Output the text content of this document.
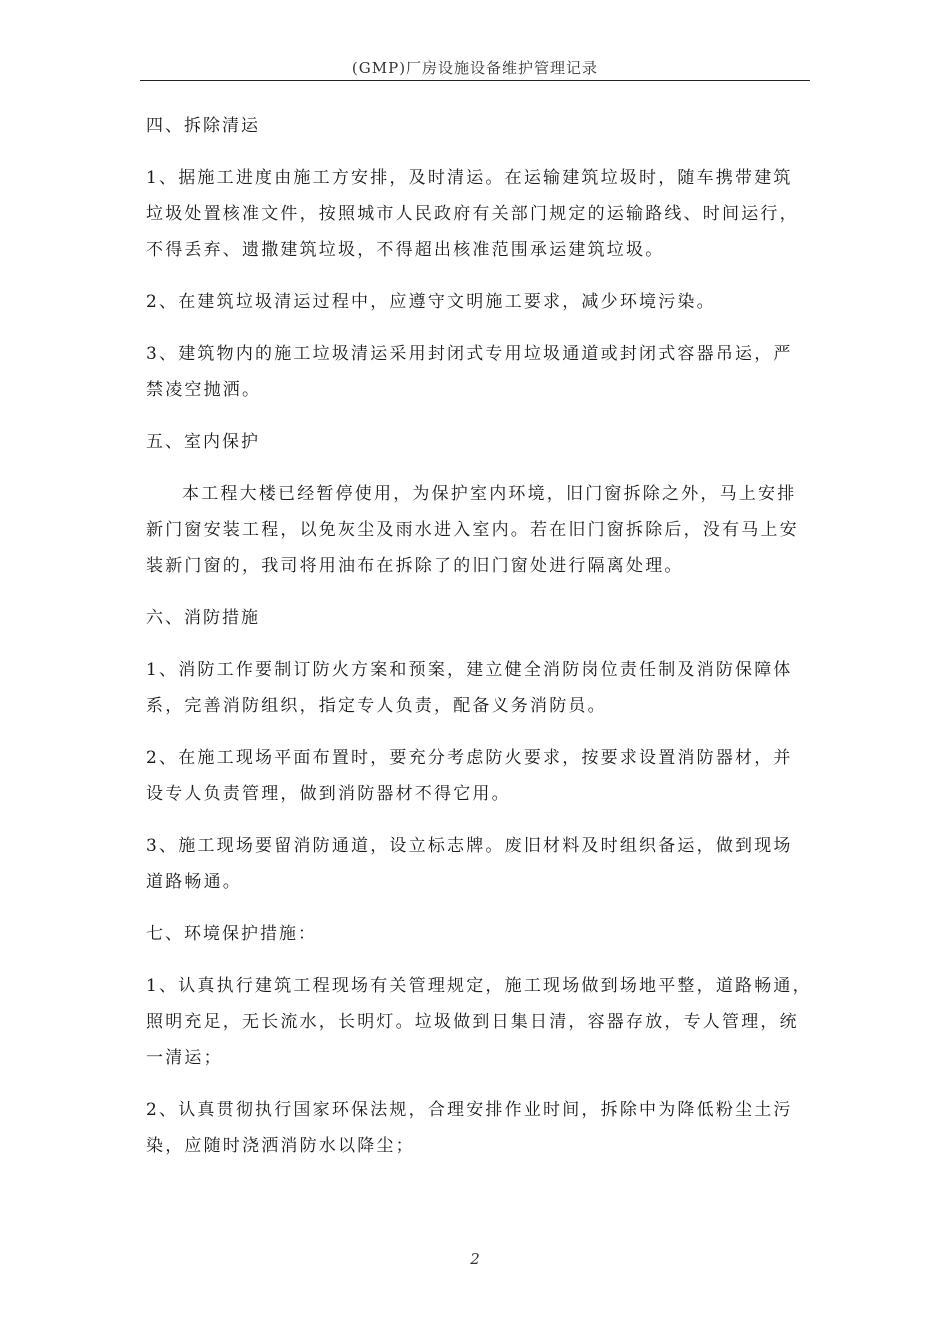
(GMP)厂房设施设备维护管理记录
四、拆除清运
1、据施工进度由施工方安排，及时清运。在运输建筑垃圾时，随车携带建筑
垃圾处置核准文件，按照城市人民政府有关部门规定的运输路线、时间运行，
不得丢弃、遗撒建筑垃圾，不得超出核准范围承运建筑垃圾。
2、在建筑垃圾清运过程中，应遵守文明施工要求，减少环境污染。
3、建筑物内的施工垃圾清运采用封闭式专用垃圾通道或封闭式容器吊运，严
禁凌空抛洒。
五、室内保护
本工程大楼已经暂停使用，为保护室内环境，旧门窗拆除之外，马上安排
新门窗安装工程，以免灰尘及雨水进入室内。若在旧门窗拆除后，没有马上安
装新门窗的，我司将用油布在拆除了的旧门窗处进行隔离处理。
六、消防措施
1、消防工作要制订防火方案和预案，建立健全消防岗位责任制及消防保障体
系，完善消防组织，指定专人负责，配备义务消防员。
2、在施工现场平面布置时，要充分考虑防火要求，按要求设置消防器材，并
设专人负责管理，做到消防器材不得它用。
3、施工现场要留消防通道，设立标志牌。废旧材料及时组织备运，做到现场
道路畅通。
七、环境保护措施：
1、认真执行建筑工程现场有关管理规定，施工现场做到场地平整，道路畅通，
照明充足，无长流水，长明灯。垃圾做到日集日清，容器存放，专人管理，统
一清运；
2、认真贯彻执行国家环保法规，合理安排作业时间，拆除中为降低粉尘土污
染，应随时浇洒消防水以降尘；
2
